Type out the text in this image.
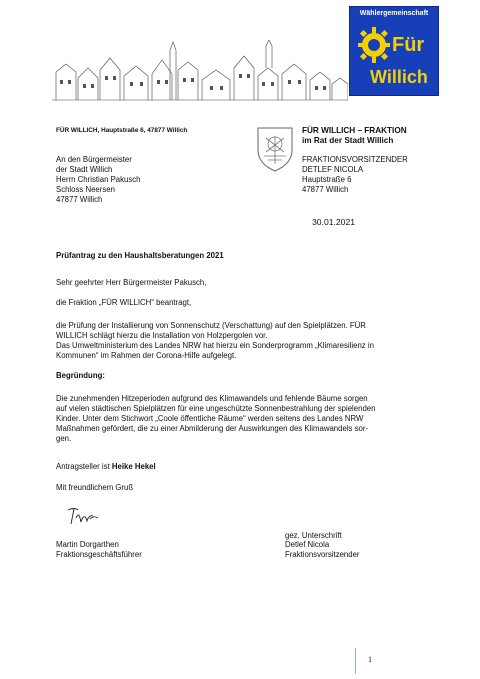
Wählergemeinschaft
Für
Willich
FÜR WILLICH, Hauptstraße 6, 47877 Willich
An den Bürgermeister
der Stadt Willich
Herrn Christian Pakusch
Schloss Neersen
47877 Willich
FÜR WILLICH – FRAKTION
im Rat der Stadt Willich
FRAKTIONSVORSITZENDER
DETLEF NICOLA
Hauptstraße 6
47877 Willich
30.01.2021
Prüfantrag zu den Haushaltsberatungen 2021
Sehr geehrter Herr Bürgermeister Pakusch,
die Fraktion „FÜR WILLICH“ beantragt,
die Prüfung der Installierung von Sonnenschutz (Verschattung) auf den Spielplätzen. FÜR
WILLICH schlägt hierzu die Installation von Holzpergolen vor.
Das Umweltministerium des Landes NRW hat hierzu ein Sonderprogramm „Klimaresilienz in
Kommunen“ im Rahmen der Corona-Hilfe aufgelegt.
Begründung:
Die zunehmenden Hitzeperioden aufgrund des Klimawandels und fehlende Bäume sorgen
auf vielen städtischen Spielplätzen für eine ungeschützte Sonnenbestrahlung der spielenden
Kinder. Unter dem Stichwort „Coole öffentliche Räume“ werden seitens des Landes NRW
Maßnahmen gefördert, die zu einer Abmilderung der Auswirkungen des Klimawandels sor-
gen.
Antragsteller ist Heike Hekel
Mit freundlichem Gruß
gez. Unterschrift
Martin Dorgarthen
Fraktionsgeschäftsführer
Detlef Nicola
Fraktionsvorsitzender
1
